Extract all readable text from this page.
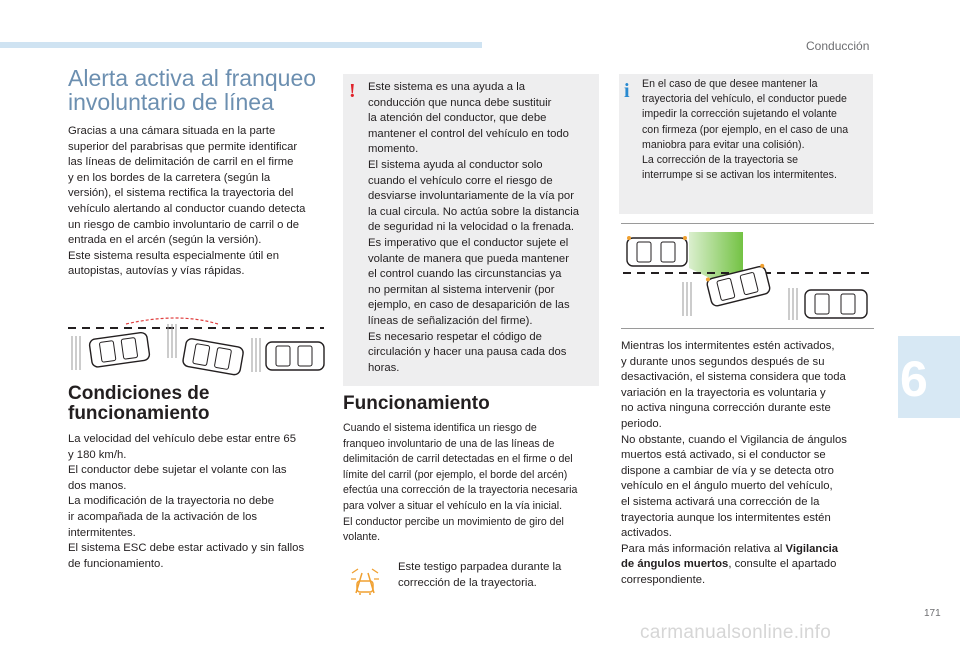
Conducción
Alerta activa al franqueo involuntario de línea
Gracias a una cámara situada en la parte
superior del parabrisas que permite identificar
las líneas de delimitación de carril en el firme
y en los bordes de la carretera (según la
versión), el sistema rectifica la trayectoria del
vehículo alertando al conductor cuando detecta
un riesgo de cambio involuntario de carril o de
entrada en el arcén (según la versión).
Este sistema resulta especialmente útil en
autopistas, autovías y vías rápidas.
Condiciones de
funcionamiento
La velocidad del vehículo debe estar entre 65
y 180 km/h.
El conductor debe sujetar el volante con las
dos manos.
La modificación de la trayectoria no debe
ir acompañada de la activación de los
intermitentes.
El sistema ESC debe estar activado y sin fallos
de funcionamiento.
! Este sistema es una ayuda a la
conducción que nunca debe sustituir
la atención del conductor, que debe
mantener el control del vehículo en todo
momento.
El sistema ayuda al conductor solo
cuando el vehículo corre el riesgo de
desviarse involuntariamente de la vía por
la cual circula. No actúa sobre la distancia
de seguridad ni la velocidad o la frenada.
Es imperativo que el conductor sujete el
volante de manera que pueda mantener
el control cuando las circunstancias ya
no permitan al sistema intervenir (por
ejemplo, en caso de desaparición de las
líneas de señalización del firme).
Es necesario respetar el código de
circulación y hacer una pausa cada dos
horas.
Funcionamiento
Cuando el sistema identifica un riesgo de
franqueo involuntario de una de las líneas de
delimitación de carril detectadas en el firme o del
límite del carril (por ejemplo, el borde del arcén)
efectúa una corrección de la trayectoria necesaria
para volver a situar el vehículo en la vía inicial.
El conductor percibe un movimiento de giro del
volante.
Este testigo parpadea durante la
corrección de la trayectoria.
i En el caso de que desee mantener la
trayectoria del vehículo, el conductor puede
impedir la corrección sujetando el volante
con firmeza (por ejemplo, en el caso de una
maniobra para evitar una colisión).
La corrección de la trayectoria se
interrumpe si se activan los intermitentes.
Mientras los intermitentes estén activados,
y durante unos segundos después de su
desactivación, el sistema considera que toda
variación en la trayectoria es voluntaria y
no activa ninguna corrección durante este
periodo.
No obstante, cuando el Vigilancia de ángulos
muertos está activado, si el conductor se
dispone a cambiar de vía y se detecta otro
vehículo en el ángulo muerto del vehículo,
el sistema activará una corrección de la
trayectoria aunque los intermitentes estén
activados.
Para más información relativa al Vigilancia
de ángulos muertos, consulte el apartado
correspondiente.
6
171
carmanualsonline.info
